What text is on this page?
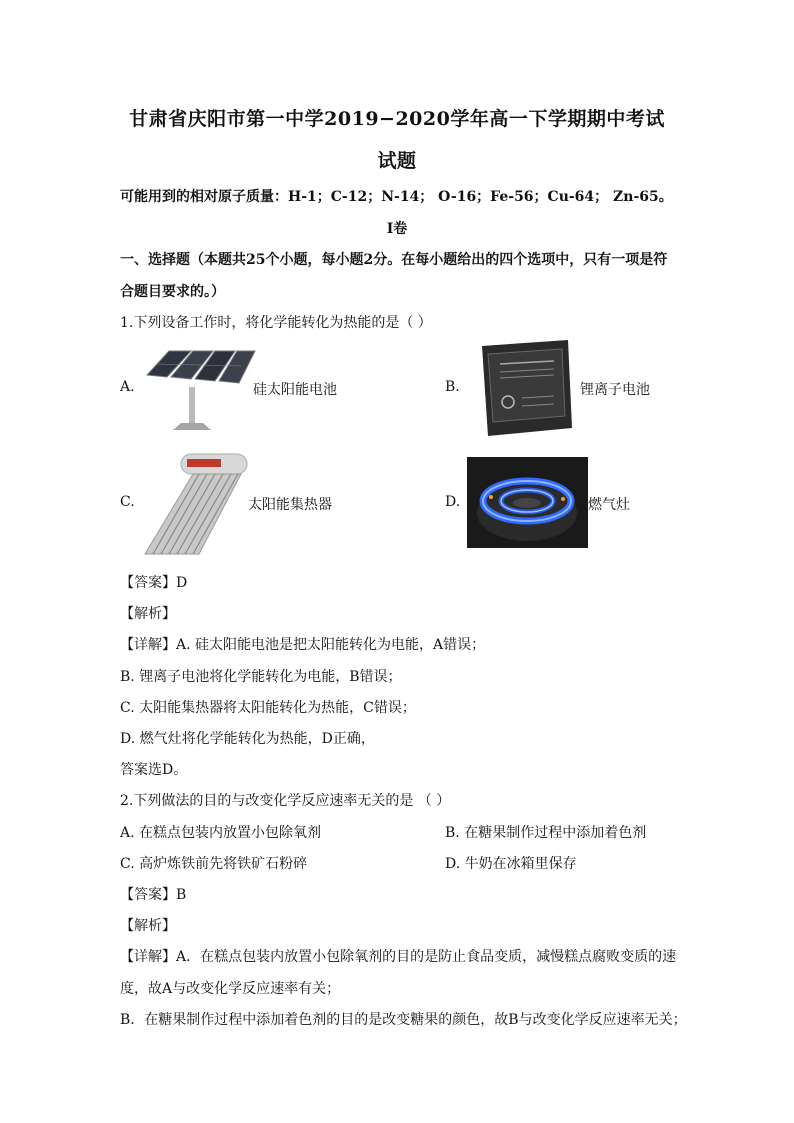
甘肃省庆阳市第一中学2019−2020学年高一下学期期中考试
试题
可能用到的相对原子质量：H-1；C-12；N-14； O-16；Fe-56；Cu-64； Zn-65。
I卷
一、选择题（本题共25个小题，每小题2分。在每小题给出的四个选项中，只有一项是符
合题目要求的。）
1.下列设备工作时，将化学能转化为热能的是（ ）
A.	硅太阳能电池	B.	锂离子电池
C.	太阳能集热器	D.	燃气灶
【答案】D
【解析】
【详解】A. 硅太阳能电池是把太阳能转化为电能，A错误；
B. 锂离子电池将化学能转化为电能，B错误；
C. 太阳能集热器将太阳能转化为热能，C错误；
D. 燃气灶将化学能转化为热能，D正确，
答案选D。
2.下列做法的目的与改变化学反应速率无关的是 （ ）
A. 在糕点包装内放置小包除氧剂	B. 在糖果制作过程中添加着色剂
C. 高炉炼铁前先将铁矿石粉碎	D. 牛奶在冰箱里保存
【答案】B
【解析】
【详解】A．在糕点包装内放置小包除氧剂的目的是防止食品变质，减慢糕点腐败变质的速
度，故A与改变化学反应速率有关；
B．在糖果制作过程中添加着色剂的目的是改变糖果的颜色，故B与改变化学反应速率无关；
